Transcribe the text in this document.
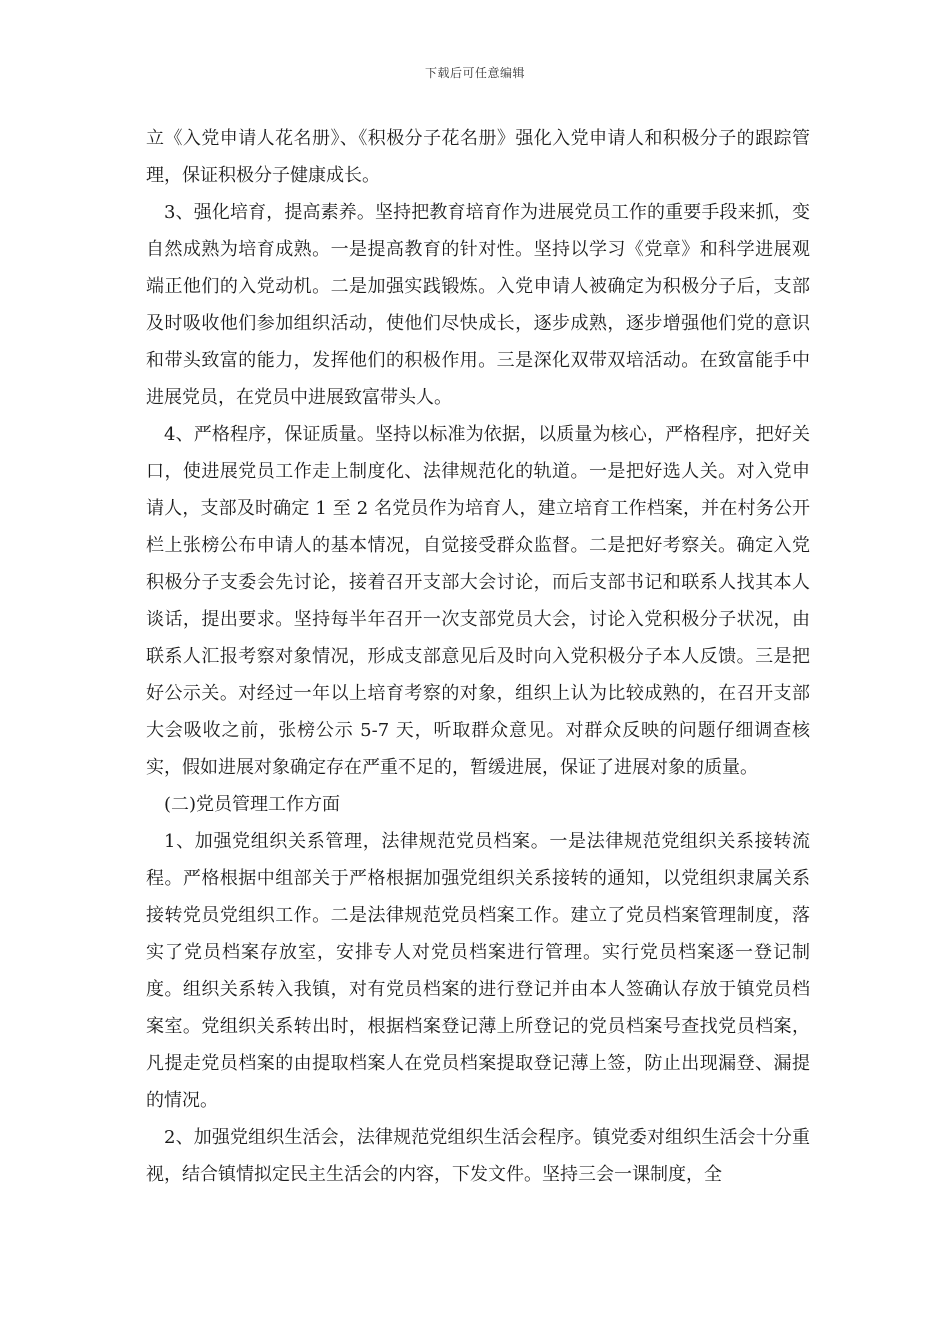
下载后可任意编辑

立《入党申请人花名册》、《积极分子花名册》强化入党申请人和积极分子的跟踪管理，保证积极分子健康成长。

3、强化培育，提高素养。坚持把教育培育作为进展党员工作的重要手段来抓，变自然成熟为培育成熟。一是提高教育的针对性。坚持以学习《党章》和科学进展观端正他们的入党动机。二是加强实践锻炼。入党申请人被确定为积极分子后，支部及时吸收他们参加组织活动，使他们尽快成长，逐步成熟，逐步增强他们党的意识和带头致富的能力，发挥他们的积极作用。三是深化双带双培活动。在致富能手中进展党员，在党员中进展致富带头人。

4、严格程序，保证质量。坚持以标准为依据，以质量为核心，严格程序，把好关口，使进展党员工作走上制度化、法律规范化的轨道。一是把好选人关。对入党申请人，支部及时确定 1 至 2 名党员作为培育人，建立培育工作档案，并在村务公开栏上张榜公布申请人的基本情况，自觉接受群众监督。二是把好考察关。确定入党积极分子支委会先讨论，接着召开支部大会讨论，而后支部书记和联系人找其本人谈话，提出要求。坚持每半年召开一次支部党员大会，讨论入党积极分子状况，由联系人汇报考察对象情况，形成支部意见后及时向入党积极分子本人反馈。三是把好公示关。对经过一年以上培育考察的对象，组织上认为比较成熟的，在召开支部大会吸收之前，张榜公示 5-7 天，听取群众意见。对群众反映的问题仔细调查核实，假如进展对象确定存在严重不足的，暂缓进展，保证了进展对象的质量。

(二)党员管理工作方面

1、加强党组织关系管理，法律规范党员档案。一是法律规范党组织关系接转流程。严格根据中组部关于严格根据加强党组织关系接转的通知，以党组织隶属关系接转党员党组织工作。二是法律规范党员档案工作。建立了党员档案管理制度，落实了党员档案存放室，安排专人对党员档案进行管理。实行党员档案逐一登记制度。组织关系转入我镇，对有党员档案的进行登记并由本人签确认存放于镇党员档案室。党组织关系转出时，根据档案登记薄上所登记的党员档案号查找党员档案，凡提走党员档案的由提取档案人在党员档案提取登记薄上签，防止出现漏登、漏提的情况。

2、加强党组织生活会，法律规范党组织生活会程序。镇党委对组织生活会十分重视，结合镇情拟定民主生活会的内容，下发文件。坚持三会一课制度，全
